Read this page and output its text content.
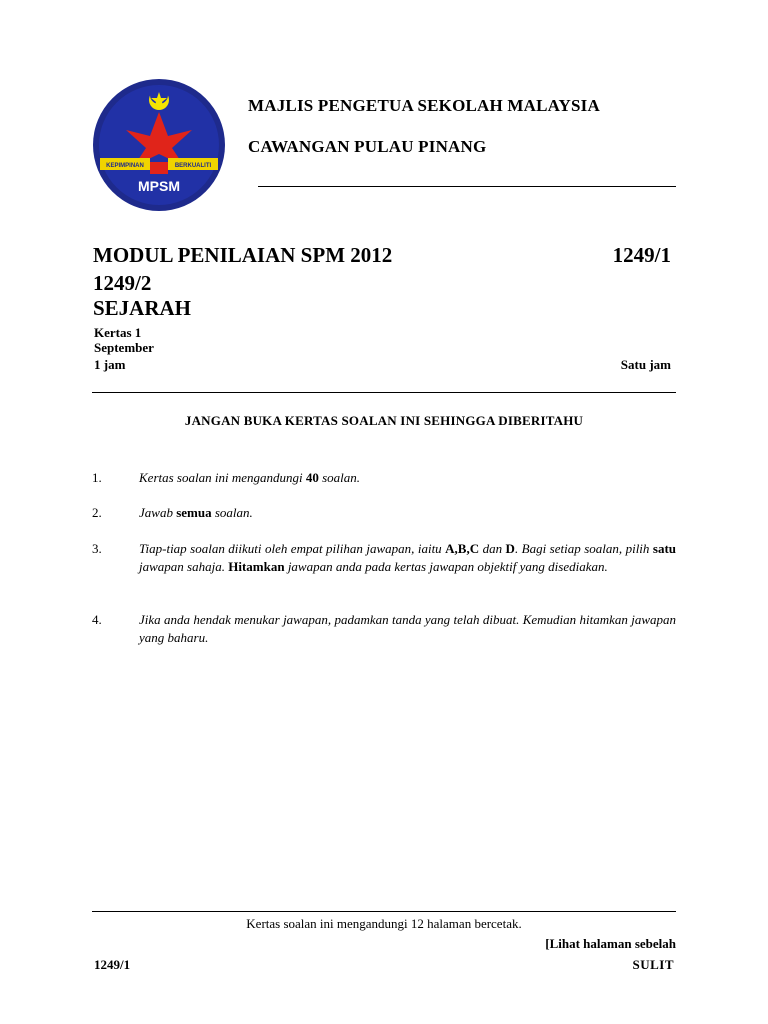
KEPIMPINAN	BERKUALITI
MPSM
MAJLIS PENGETUA SEKOLAH MALAYSIA
CAWANGAN PULAU PINANG
MODUL PENILAIAN SPM 2012	1249/1
1249/2
SEJARAH
Kertas 1
September
1 jam	Satu jam
JANGAN BUKA KERTAS SOALAN INI SEHINGGA DIBERITAHU
1.	Kertas soalan ini mengandungi 40 soalan.
2.	Jawab semua soalan.
3.	Tiap-tiap soalan diikuti oleh empat pilihan jawapan, iaitu A,B,C dan D. Bagi setiap soalan, pilih satu jawapan sahaja. Hitamkan jawapan anda pada kertas jawapan objektif yang disediakan.
4.	Jika anda hendak menukar jawapan, padamkan tanda yang telah dibuat. Kemudian hitamkan jawapan yang baharu.
Kertas soalan ini mengandungi 12 halaman bercetak.
[Lihat halaman sebelah
1249/1	SULIT
